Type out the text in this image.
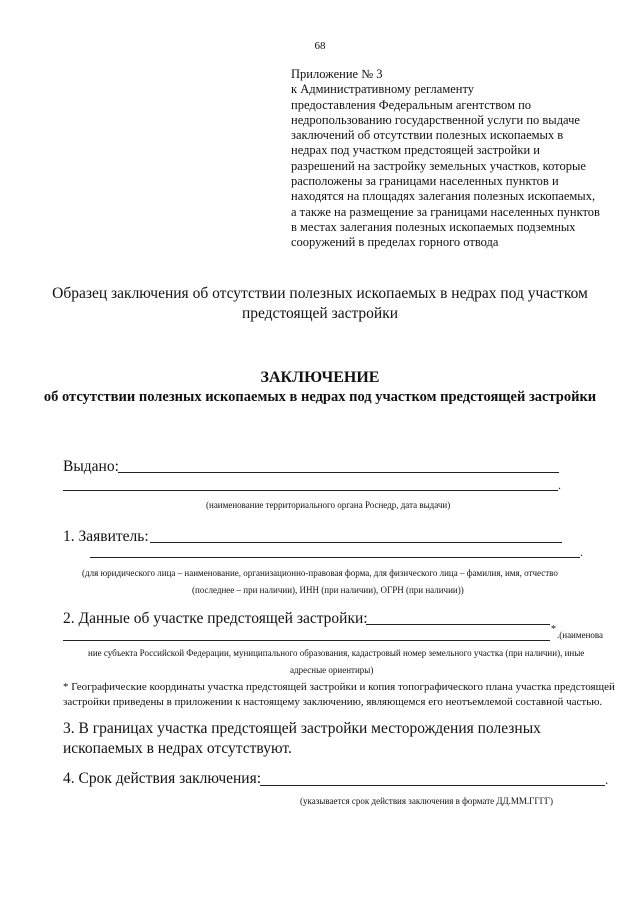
68
Приложение № 3
к Административному регламенту
предоставления Федеральным агентством по
недропользованию государственной услуги по выдаче
заключений об отсутствии полезных ископаемых в
недрах под участком предстоящей застройки и
разрешений на застройку земельных участков, которые
расположены за границами населенных пунктов и
находятся на площадях залегания полезных ископаемых,
а также на размещение за границами населенных пунктов
в местах залегания полезных ископаемых подземных
сооружений в пределах горного отвода
Образец заключения об отсутствии полезных ископаемых в недрах под участком предстоящей застройки
ЗАКЛЮЧЕНИЕ
об отсутствии полезных ископаемых в недрах под участком предстоящей застройки
Выдано:
.
(наименование территориального органа Роснедр, дата выдачи)
1. Заявитель:
.
(для юридического лица – наименование, организационно-правовая форма, для физического лица – фамилия, имя, отчество
(последнее – при наличии), ИНН (при наличии), ОГРН (при наличии))
2. Данные об участке предстоящей застройки:
* .(наименова
ние субъекта Российской Федерации, муниципального образования, кадастровый номер земельного участка (при наличии), иные
адресные ориентиры)
* Географические координаты участка предстоящей застройки и копия топографического плана участка предстоящей застройки приведены в приложении к настоящему заключению, являющемся его неотъемлемой составной частью.
3. В границах участка предстоящей застройки месторождения полезных ископаемых в недрах отсутствуют.
4. Срок действия заключения:	.
(указывается срок действия заключения в формате ДД.ММ.ГГГГ)
